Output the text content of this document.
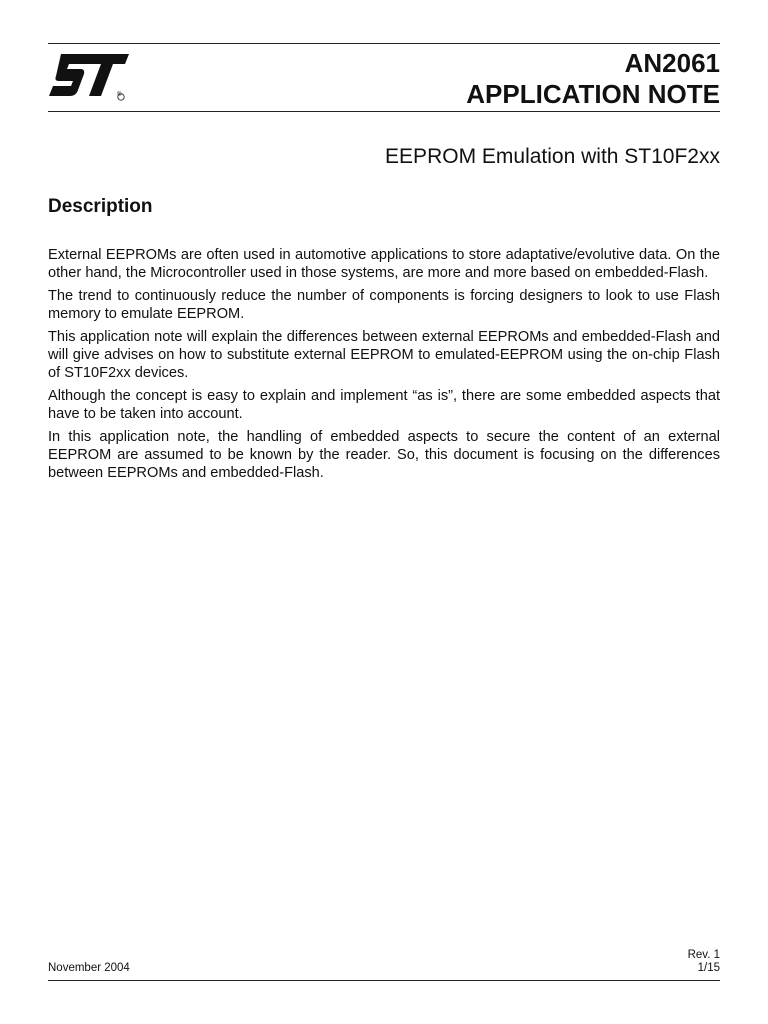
®
AN2061
APPLICATION NOTE
EEPROM Emulation with ST10F2xx
Description

External EEPROMs are often used in automotive applications to store adaptative/evolutive data. On the other hand, the Microcontroller used in those systems, are more and more based on embedded-Flash.

The trend to continuously reduce the number of components is forcing designers to look to use Flash memory to emulate EEPROM.

This application note will explain the differences between external EEPROMs and embedded-Flash and will give advises on how to substitute external EEPROM to emulated-EEPROM using the on-chip Flash of ST10F2xx devices.

Although the concept is easy to explain and implement “as is”, there are some embedded aspects that have to be taken into account.

In this application note, the handling of embedded aspects to secure the content of an external EEPROM are assumed to be known by the reader. So, this document is focusing on the differences between EEPROMs and embedded-Flash.

November 2004
Rev. 1
1/15
